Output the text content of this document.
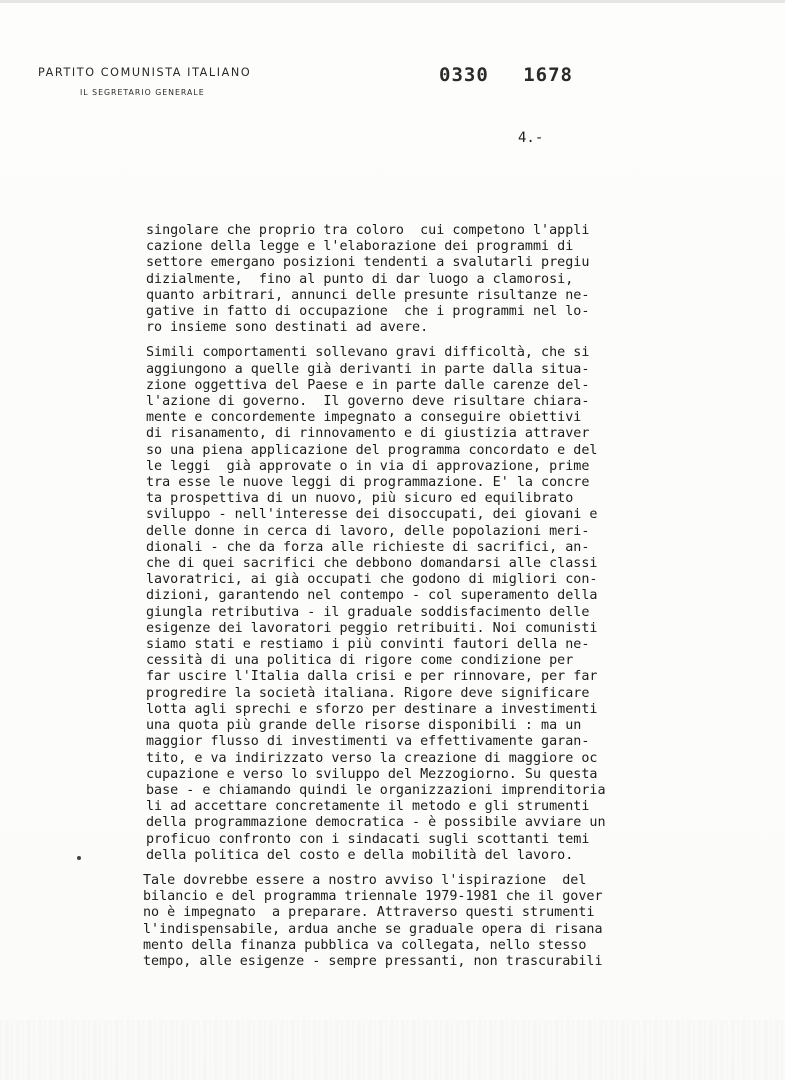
PARTITO COMUNISTA ITALIANO
IL SEGRETARIO GENERALE
0330 1678
4.-
singolare che proprio tra coloro  cui competono l'appli
cazione della legge e l'elaborazione dei programmi di
settore emergano posizioni tendenti a svalutarli pregiu
dizialmente,  fino al punto di dar luogo a clamorosi,
quanto arbitrari, annunci delle presunte risultanze ne-
gative in fatto di occupazione  che i programmi nel lo-
ro insieme sono destinati ad avere.
Simili comportamenti sollevano gravi difficoltà, che si
aggiungono a quelle già derivanti in parte dalla situa-
zione oggettiva del Paese e in parte dalle carenze del-
l'azione di governo.  Il governo deve risultare chiara-
mente e concordemente impegnato a conseguire obiettivi
di risanamento, di rinnovamento e di giustizia attraver
so una piena applicazione del programma concordato e del
le leggi  già approvate o in via di approvazione, prime
tra esse le nuove leggi di programmazione. E' la concre
ta prospettiva di un nuovo, più sicuro ed equilibrato
sviluppo - nell'interesse dei disoccupati, dei giovani e
delle donne in cerca di lavoro, delle popolazioni meri-
dionali - che da forza alle richieste di sacrifici, an-
che di quei sacrifici che debbono domandarsi alle classi
lavoratrici, ai già occupati che godono di migliori con-
dizioni, garantendo nel contempo - col superamento della
giungla retributiva - il graduale soddisfacimento delle
esigenze dei lavoratori peggio retribuiti. Noi comunisti
siamo stati e restiamo i più convinti fautori della ne-
cessità di una politica di rigore come condizione per
far uscire l'Italia dalla crisi e per rinnovare, per far
progredire la società italiana. Rigore deve significare
lotta agli sprechi e sforzo per destinare a investimenti
una quota più grande delle risorse disponibili : ma un
maggior flusso di investimenti va effettivamente garan-
tito, e va indirizzato verso la creazione di maggiore oc
cupazione e verso lo sviluppo del Mezzogiorno. Su questa
base - e chiamando quindi le organizzazioni imprenditoria
li ad accettare concretamente il metodo e gli strumenti
della programmazione democratica - è possibile avviare un
proficuo confronto con i sindacati sugli scottanti temi
della politica del costo e della mobilità del lavoro.
Tale dovrebbe essere a nostro avviso l'ispirazione  del
bilancio e del programma triennale 1979-1981 che il gover
no è impegnato  a preparare. Attraverso questi strumenti
l'indispensabile, ardua anche se graduale opera di risana
mento della finanza pubblica va collegata, nello stesso
tempo, alle esigenze - sempre pressanti, non trascurabili
